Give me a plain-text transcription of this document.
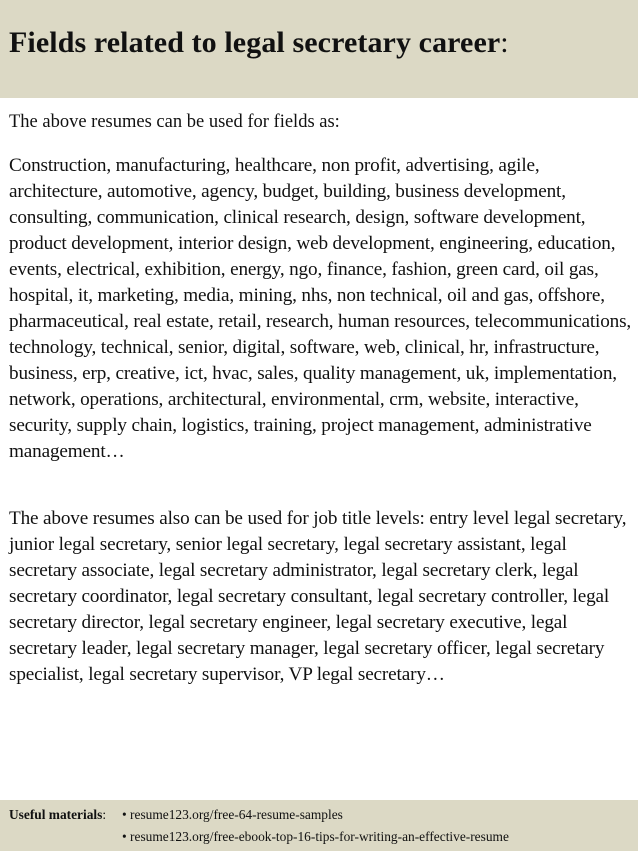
Fields related to legal secretary career:

The above resumes can be used for fields as:

Construction, manufacturing, healthcare, non profit, advertising, agile, architecture, automotive, agency, budget, building, business development, consulting, communication, clinical research, design, software development, product development, interior design, web development, engineering, education, events, electrical, exhibition, energy, ngo, finance, fashion, green card, oil gas, hospital, it, marketing, media, mining, nhs, non technical, oil and gas, offshore, pharmaceutical, real estate, retail, research, human resources, telecommunications, technology, technical, senior, digital, software, web, clinical, hr, infrastructure, business, erp, creative, ict, hvac, sales, quality management, uk, implementation, network, operations, architectural, environmental, crm, website, interactive, security, supply chain, logistics, training, project management, administrative management…

The above resumes also can be used for job title levels: entry level legal secretary, junior legal secretary, senior legal secretary, legal secretary assistant, legal secretary associate, legal secretary administrator, legal secretary clerk, legal secretary coordinator, legal secretary consultant, legal secretary controller, legal secretary director, legal secretary engineer, legal secretary executive, legal secretary leader, legal secretary manager, legal secretary officer, legal secretary specialist, legal secretary supervisor, VP legal secretary…

Useful materials:	• resume123.org/free-64-resume-samples
• resume123.org/free-ebook-top-16-tips-for-writing-an-effective-resume
